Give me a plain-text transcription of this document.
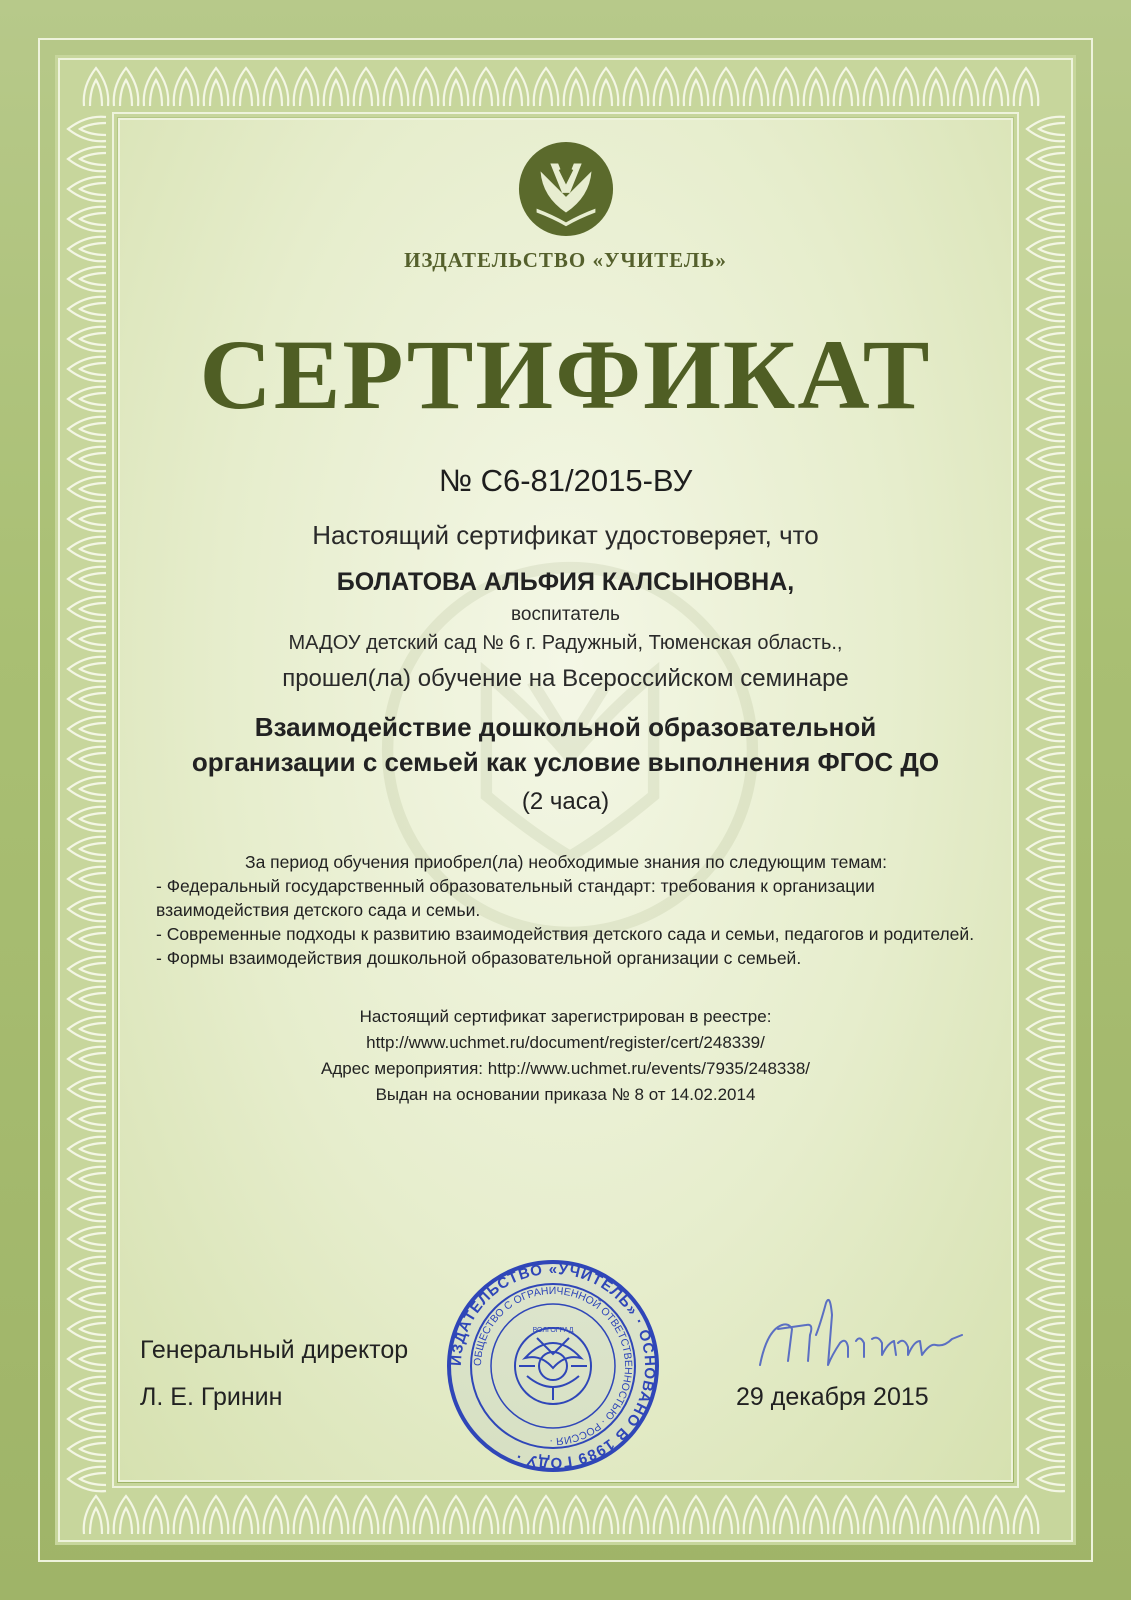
ИЗДАТЕЛЬСТВО «УЧИТЕЛЬ»
СЕРТИФИКАТ
№ С6-81/2015-ВУ
Настоящий сертификат удостоверяет, что
БОЛАТОВА АЛЬФИЯ КАЛСЫНОВНА,
воспитатель
МАДОУ детский сад № 6 г. Радужный, Тюменская область.,
прошел(ла) обучение на Всероссийском семинаре
Взаимодействие дошкольной образовательной
организации с семьей как условие выполнения ФГОС ДО
(2 часа)
За период обучения приобрел(ла) необходимые знания по следующим темам:
- Федеральный государственный образовательный стандарт: требования к организации взаимодействия детского сада и семьи.
- Современные подходы к развитию взаимодействия детского сада и семьи, педагогов и родителей.
- Формы взаимодействия дошкольной образовательной организации с семьей.
Настоящий сертификат зарегистрирован в реестре:
http://www.uchmet.ru/document/register/cert/248339/
Адрес мероприятия: http://www.uchmet.ru/events/7935/248338/
Выдан на основании приказа № 8 от 14.02.2014
Генеральный директор
Л. Е. Гринин	29 декабря 2015
ИЗДАТЕЛЬСТВО «УЧИТЕЛЬ» · ОСНОВАНО В 1989 ГОДУ ·
ОБЩЕСТВО С ОГРАНИЧЕННОЙ ОТВЕТСТВЕННОСТЬЮ · РОССИЯ ·
ВОЛГОГРАД
